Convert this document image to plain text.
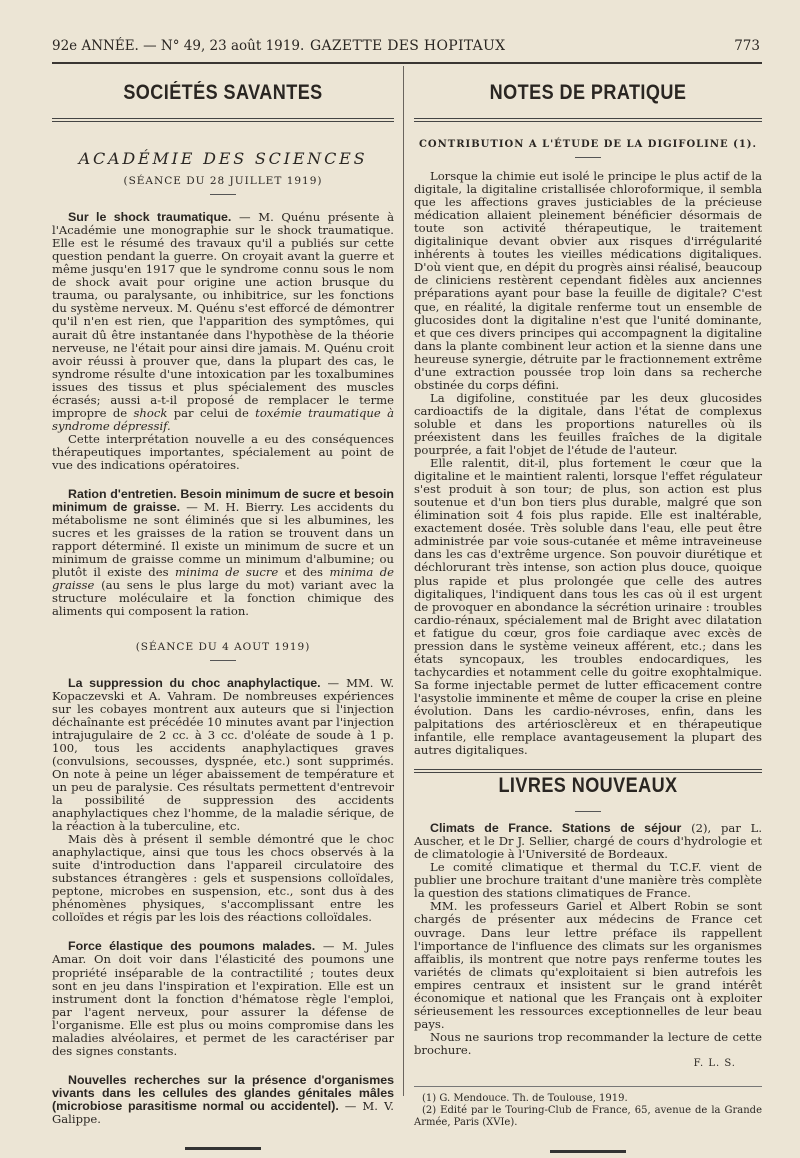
92e ANNÉE. — N° 49, 23 août 1919. GAZETTE DES HOPITAUX	773
SOCIÉTÉS SAVANTES
ACADÉMIE DES SCIENCES
(SÉANCE DU 28 JUILLET 1919)

Sur le shock traumatique. — M. Quénu présente à l'Académie une monographie sur le shock traumatique. Elle est le résumé des travaux qu'il a publiés sur cette question pendant la guerre. On croyait avant la guerre et même jusqu'en 1917 que le syndrome connu sous le nom de shock avait pour origine une action brusque du trauma, ou paralysante, ou inhibitrice, sur les fonctions du système nerveux. M. Quénu s'est efforcé de démontrer qu'il n'en est rien, que l'apparition des symptômes, qui aurait dû être instantanée dans l'hypothèse de la théorie nerveuse, ne l'était pour ainsi dire jamais. M. Quénu croit avoir réussi à prouver que, dans la plupart des cas, le syndrome résulte d'une intoxication par les toxalbumines issues des tissus et plus spécialement des muscles écrasés; aussi a-t-il proposé de remplacer le terme impropre de shock par celui de toxémie traumatique à syndrome dépressif.

Cette interprétation nouvelle a eu des conséquences thérapeutiques importantes, spécialement au point de vue des indications opératoires.

Ration d'entretien. Besoin minimum de sucre et besoin minimum de graisse. — M. H. Bierry. Les accidents du métabolisme ne sont éliminés que si les albumines, les sucres et les graisses de la ration se trouvent dans un rapport déterminé. Il existe un minimum de sucre et un minimum de graisse comme un minimum d'albumine; ou plutôt il existe des minima de sucre et des minima de graisse (au sens le plus large du mot) variant avec la structure moléculaire et la fonction chimique des aliments qui composent la ration.

(SÉANCE DU 4 AOUT 1919)

La suppression du choc anaphylactique. — MM. W. Kopaczevski et A. Vahram. De nombreuses expériences sur les cobayes montrent aux auteurs que si l'injection déchaînante est précédée 10 minutes avant par l'injection intrajugulaire de 2 cc. à 3 cc. d'oléate de soude à 1 p. 100, tous les accidents anaphylactiques graves (convulsions, secousses, dyspnée, etc.) sont supprimés. On note à peine un léger abaissement de température et un peu de paralysie. Ces résultats permettent d'entrevoir la possibilité de suppression des accidents anaphylactiques chez l'homme, de la maladie sérique, de la réaction à la tuberculine, etc.

Mais dès à présent il semble démontré que le choc anaphylactique, ainsi que tous les chocs observés à la suite d'introduction dans l'appareil circulatoire des substances étrangères : gels et suspensions colloïdales, peptone, microbes en suspension, etc., sont dus à des phénomènes physiques, s'accomplissant entre les colloïdes et régis par les lois des réactions colloïdales.

Force élastique des poumons malades. — M. Jules Amar. On doit voir dans l'élasticité des poumons une propriété inséparable de la contractilité ; toutes deux sont en jeu dans l'inspiration et l'expiration. Elle est un instrument dont la fonction d'hématose règle l'emploi, par l'agent nerveux, pour assurer la défense de l'organisme. Elle est plus ou moins compromise dans les maladies alvéolaires, et permet de les caractériser par des signes constants.

Nouvelles recherches sur la présence d'organismes vivants dans les cellules des glandes génitales mâles (microbiose parasitisme normal ou accidentel). — M. V. Galippe.

NOTES DE PRATIQUE
CONTRIBUTION A L'ÉTUDE DE LA DIGIFOLINE (1).

Lorsque la chimie eut isolé le principe le plus actif de la digitale, la digitaline cristallisée chloroformique, il sembla que les affections graves justiciables de la précieuse médication allaient pleinement bénéficier désormais de toute son activité thérapeutique, le traitement digitalinique devant obvier aux risques d'irrégularité inhérents à toutes les vieilles médications digitaliques. D'où vient que, en dépit du progrès ainsi réalisé, beaucoup de cliniciens restèrent cependant fidèles aux anciennes préparations ayant pour base la feuille de digitale? C'est que, en réalité, la digitale renferme tout un ensemble de glucosides dont la digitaline n'est que l'unité dominante, et que ces divers principes qui accompagnent la digitaline dans la plante combinent leur action et la sienne dans une heureuse synergie, détruite par le fractionnement extrême d'une extraction poussée trop loin dans sa recherche obstinée du corps défini.

La digifoline, constituée par les deux glucosides cardioactifs de la digitale, dans l'état de complexus soluble et dans les proportions naturelles où ils préexistent dans les feuilles fraîches de la digitale pourprée, a fait l'objet de l'étude de l'auteur.

Elle ralentit, dit-il, plus fortement le cœur que la digitaline et le maintient ralenti, lorsque l'effet régulateur s'est produit à son tour; de plus, son action est plus soutenue et d'un bon tiers plus durable, malgré que son élimination soit 4 fois plus rapide. Elle est inaltérable, exactement dosée. Très soluble dans l'eau, elle peut être administrée par voie sous-cutanée et même intraveineuse dans les cas d'extrême urgence. Son pouvoir diurétique et déchlorurant très intense, son action plus douce, quoique plus rapide et plus prolongée que celle des autres digitaliques, l'indiquent dans tous les cas où il est urgent de provoquer en abondance la sécrétion urinaire : troubles cardio-rénaux, spécialement mal de Bright avec dilatation et fatigue du cœur, gros foie cardiaque avec excès de pression dans le système veineux afférent, etc.; dans les états syncopaux, les troubles endocardiques, les tachycardies et notamment celle du goitre exophtalmique. Sa forme injectable permet de lutter efficacement contre l'asystolie imminente et même de couper la crise en pleine évolution. Dans les cardio-névroses, enfin, dans les palpitations des artériosclèreux et en thérapeutique infantile, elle remplace avantageusement la plupart des autres digitaliques.

LIVRES NOUVEAUX

Climats de France. Stations de séjour (2), par L. Auscher, et le Dr J. Sellier, chargé de cours d'hydrologie et de climatologie à l'Université de Bordeaux.

Le comité climatique et thermal du T.C.F. vient de publier une brochure traitant d'une manière très complète la question des stations climatiques de France.

MM. les professeurs Gariel et Albert Robin se sont chargés de présenter aux médecins de France cet ouvrage. Dans leur lettre préface ils rappellent l'importance de l'influence des climats sur les organismes affaiblis, ils montrent que notre pays renferme toutes les variétés de climats qu'exploitaient si bien autrefois les empires centraux et insistent sur le grand intérêt économique et national que les Français ont à exploiter sérieusement les ressources exceptionnelles de leur beau pays.

Nous ne saurions trop recommander la lecture de cette brochure.

F. L. S.

(1) G. Mendouce. Th. de Toulouse, 1919.

(2) Edité par le Touring-Club de France, 65, avenue de la Grande Armée, Paris (XVIe).
